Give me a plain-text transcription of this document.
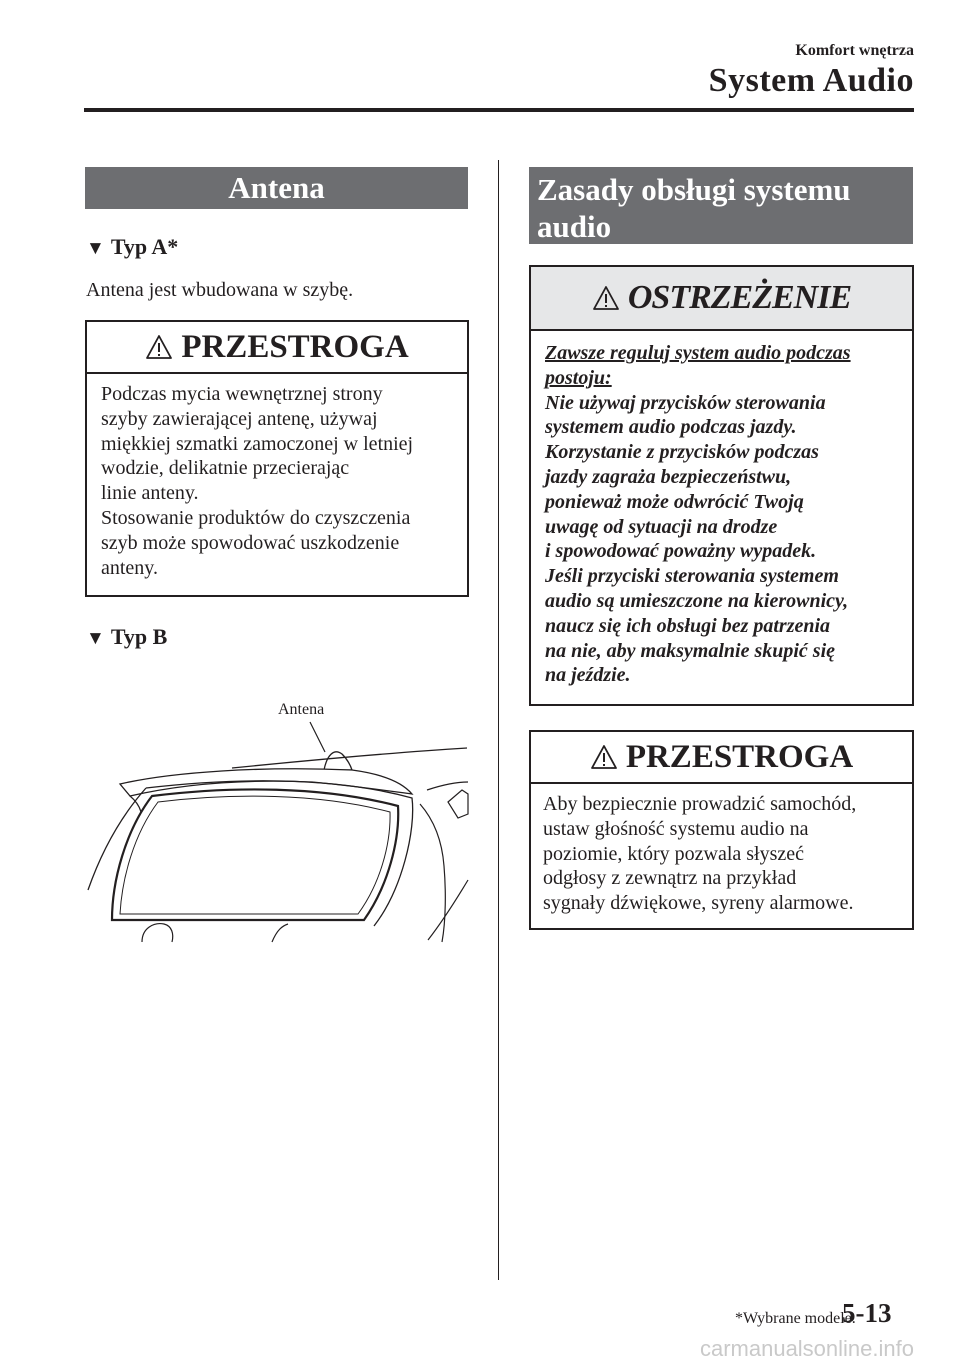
Komfort wnętrza
System Audio
Antena
▼ Typ A*
Antena jest wbudowana w szybę.
PRZESTROGA
Podczas mycia wewnętrznej strony
szyby zawierającej antenę, używaj
miękkiej szmatki zamoczonej w letniej
wodzie, delikatnie przecierając
linie anteny.
Stosowanie produktów do czyszczenia
szyb może spowodować uszkodzenie
anteny.
▼ Typ B
Antena
Zasady obsługi systemu
audio
OSTRZEŻENIE
Zawsze reguluj system audio podczas
postoju:
Nie używaj przycisków sterowania
systemem audio podczas jazdy.
Korzystanie z przycisków podczas
jazdy zagraża bezpieczeństwu,
ponieważ może odwrócić Twoją
uwagę od sytuacji na drodze
i spowodować poważny wypadek.
Jeśli przyciski sterowania systemem
audio są umieszczone na kierownicy,
naucz się ich obsługi bez patrzenia
na nie, aby maksymalnie skupić się
na jeździe.
PRZESTROGA
Aby bezpiecznie prowadzić samochód,
ustaw głośność systemu audio na
poziomie, który pozwala słyszeć
odgłosy z zewnątrz na przykład
sygnały dźwiękowe, syreny alarmowe.
*Wybrane modele.
5-13
carmanualsonline.info
